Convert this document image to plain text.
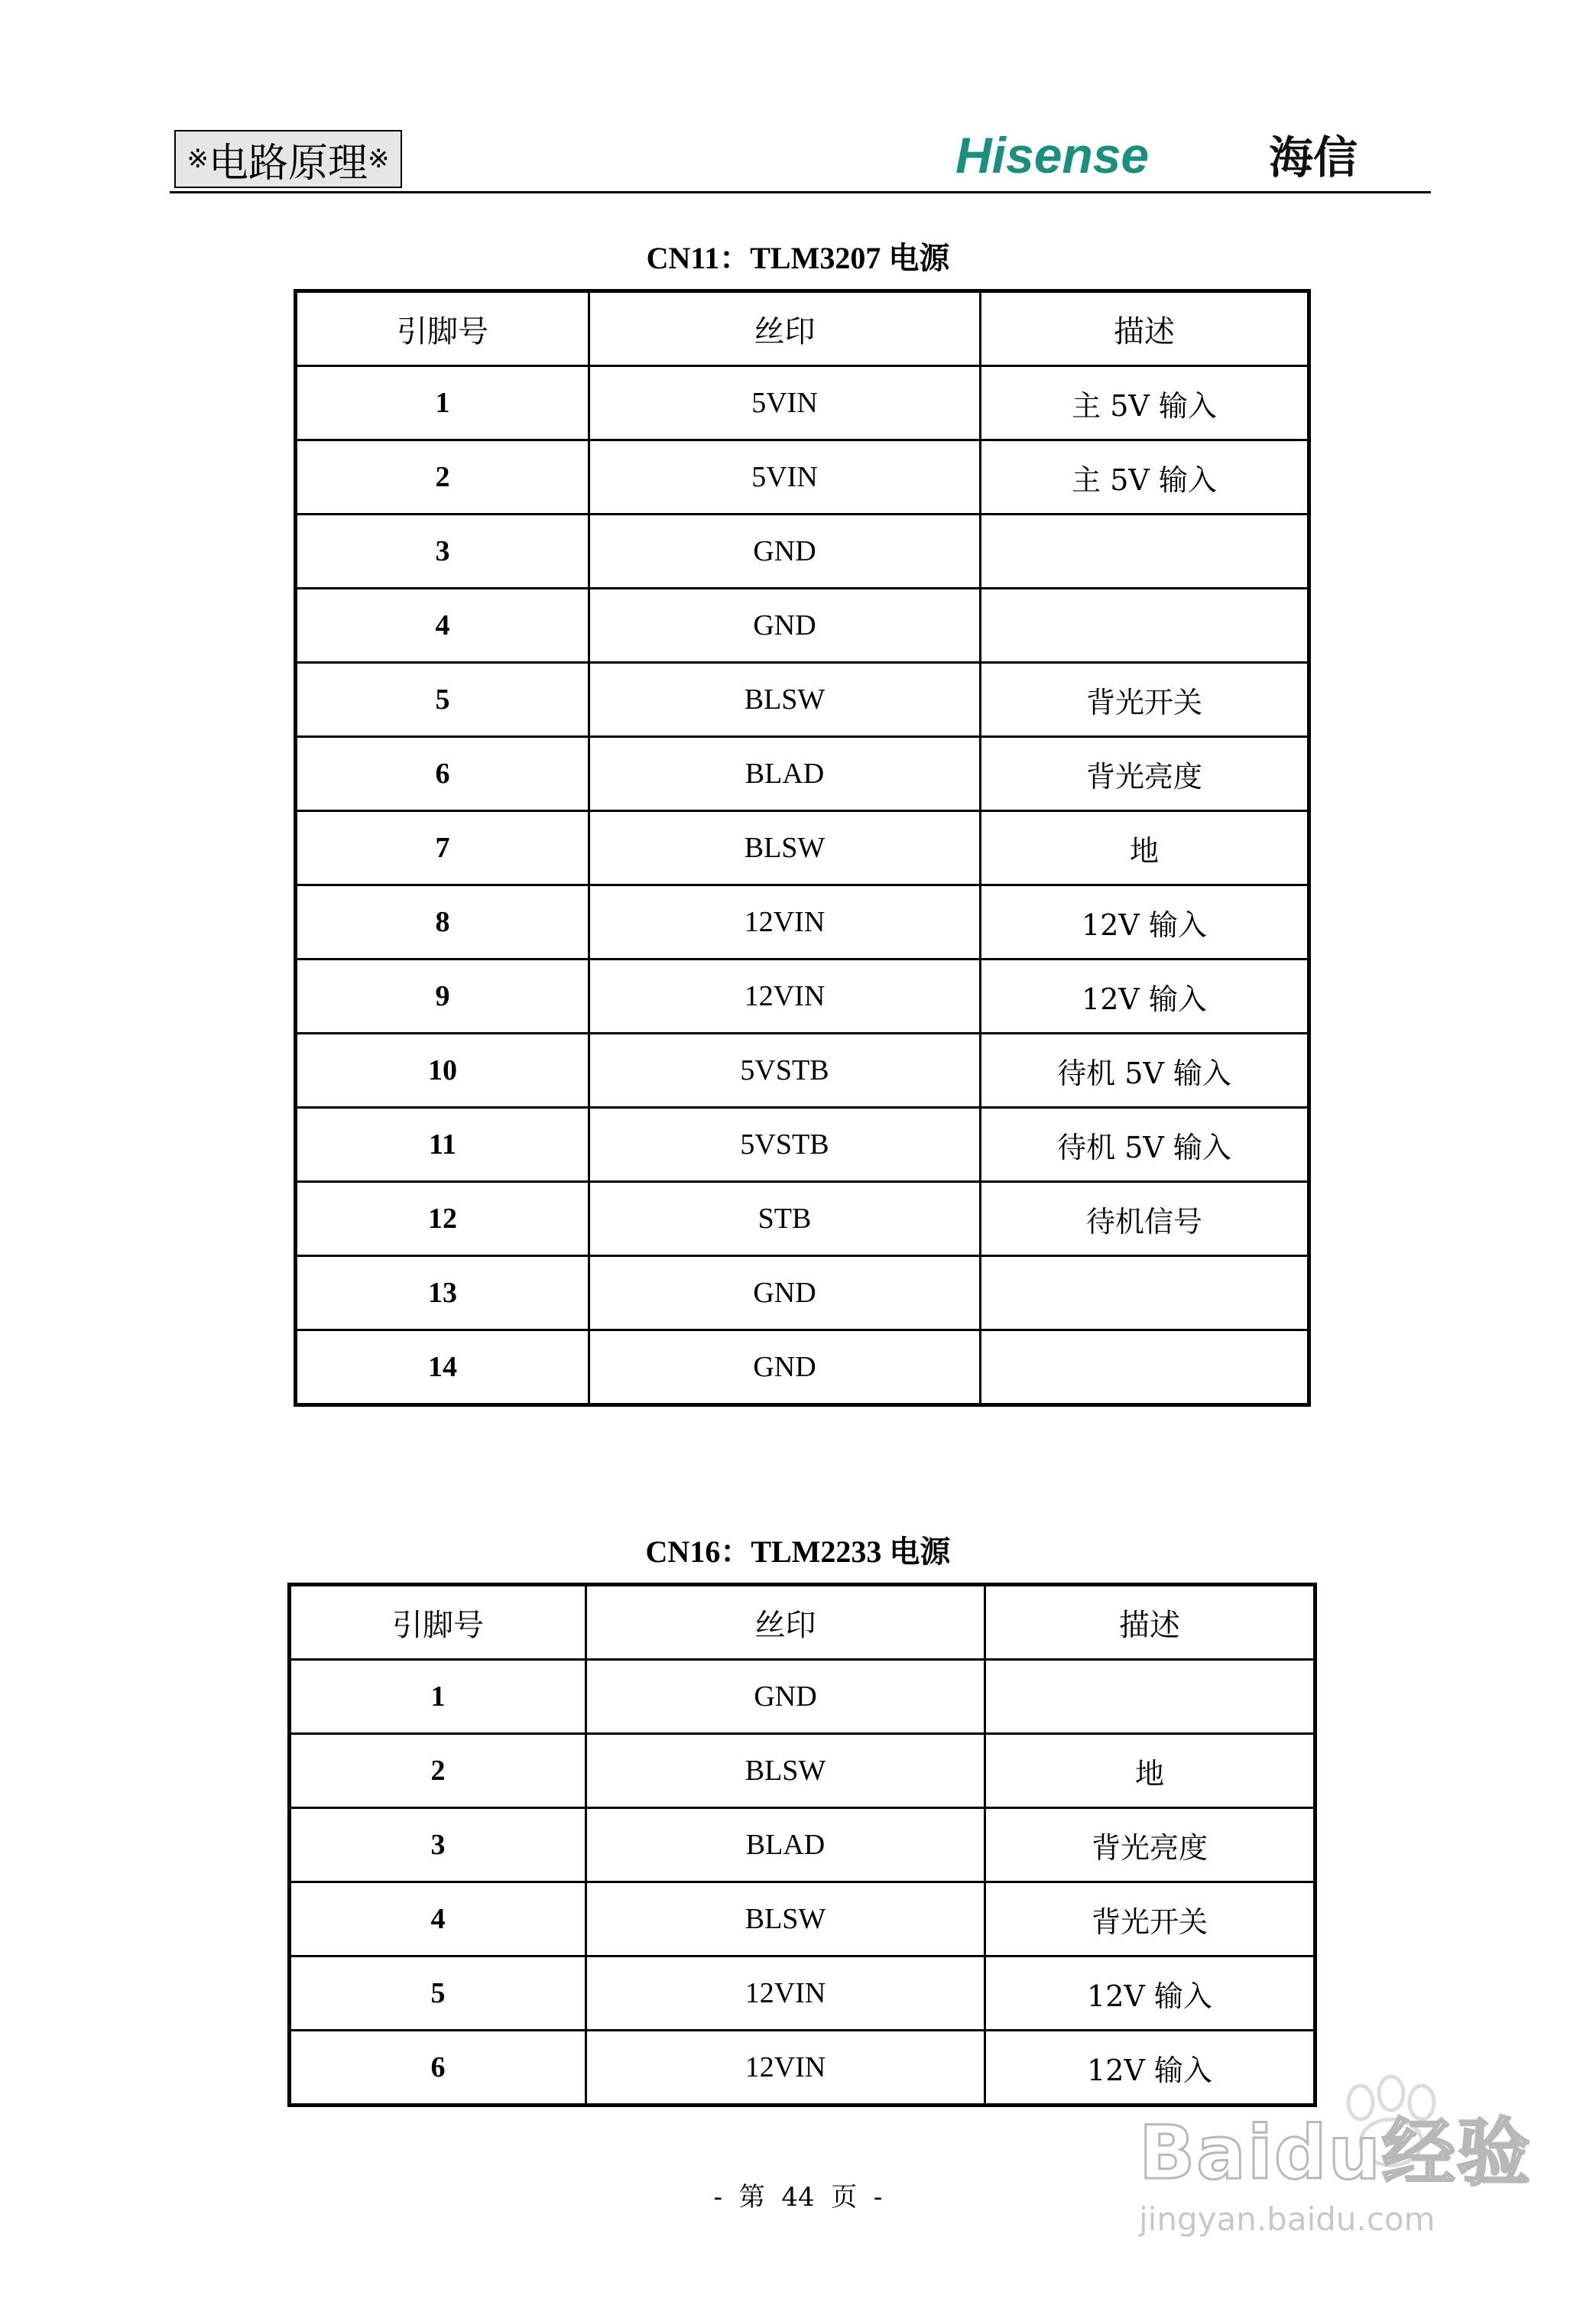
※ 电路原理 ※	Hisense	海信
CN11：TLM3207 电源
引脚号	丝印	描述
1	5VIN	主 5V 输入
2	5VIN	主 5V 输入
3	GND	
4	GND	
5	BLSW	背光开关
6	BLAD	背光亮度
7	BLSW	地
8	12VIN	12V 输入
9	12VIN	12V 输入
10	5VSTB	待机 5V 输入
11	5VSTB	待机 5V 输入
12	STB	待机信号
13	GND	
14	GND	
CN16：TLM2233 电源
引脚号	丝印	描述
1	GND	
2	BLSW	地
3	BLAD	背光亮度
4	BLSW	背光开关
5	12VIN	12V 输入
6	12VIN	12V 输入
-  第  44  页  -
Baidu经验
jingyan.baidu.com
